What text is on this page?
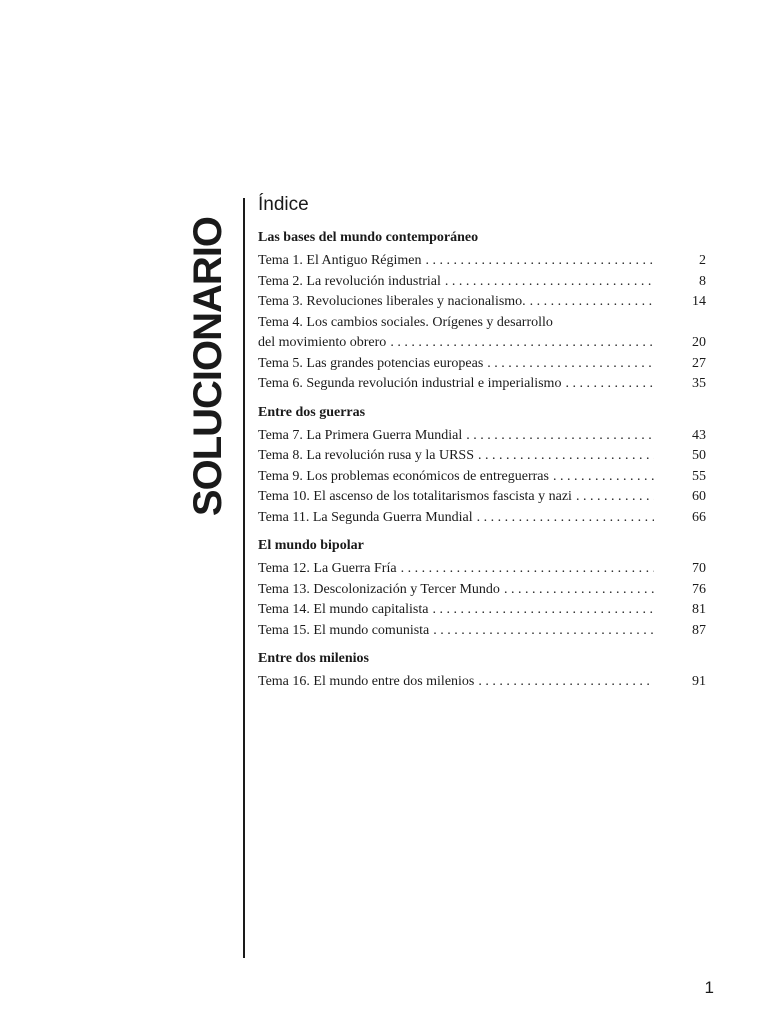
SOLUCIONARIO
Índice
Las bases del mundo contemporáneo
Tema 1. El Antiguo Régimen . . .	2
Tema 2. La revolución industrial . . .	8
Tema 3. Revoluciones liberales y nacionalismo. . . .	14
Tema 4. Los cambios sociales. Orígenes y desarrollo
del movimiento obrero . . .	20
Tema 5. Las grandes potencias europeas . . .	27
Tema 6. Segunda revolución industrial e imperialismo . . .	35
Entre dos guerras
Tema 7. La Primera Guerra Mundial . . .	43
Tema 8. La revolución rusa y la URSS . . .	50
Tema 9. Los problemas económicos de entreguerras . . .	55
Tema 10. El ascenso de los totalitarismos fascista y nazi . . .	60
Tema 11. La Segunda Guerra Mundial . . .	66
El mundo bipolar
Tema 12. La Guerra Fría . . .	70
Tema 13. Descolonización y Tercer Mundo . . .	76
Tema 14. El mundo capitalista . . .	81
Tema 15. El mundo comunista . . .	87
Entre dos milenios
Tema 16. El mundo entre dos milenios . . .	91
1
